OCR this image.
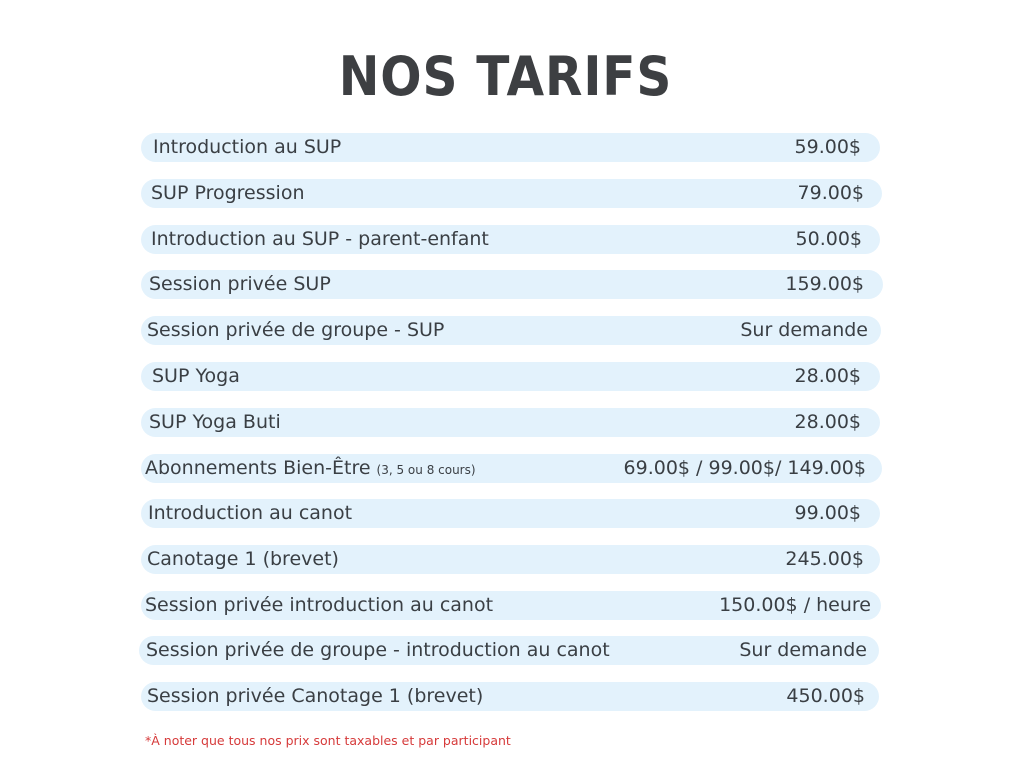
NOS TARIFS
Introduction au SUP	59.00$
SUP Progression	79.00$
Introduction au SUP - parent-enfant	50.00$
Session privée SUP	159.00$
Session privée de groupe - SUP	Sur demande
SUP Yoga	28.00$
SUP Yoga Buti	28.00$
Abonnements Bien-Être (3, 5 ou 8 cours)	69.00$ / 99.00$/ 149.00$
Introduction au canot	99.00$
Canotage 1 (brevet)	245.00$
Session privée introduction au canot	150.00$ / heure
Session privée de groupe - introduction au canot	Sur demande
Session privée Canotage 1 (brevet)	450.00$
*À noter que tous nos prix sont taxables et par participant
